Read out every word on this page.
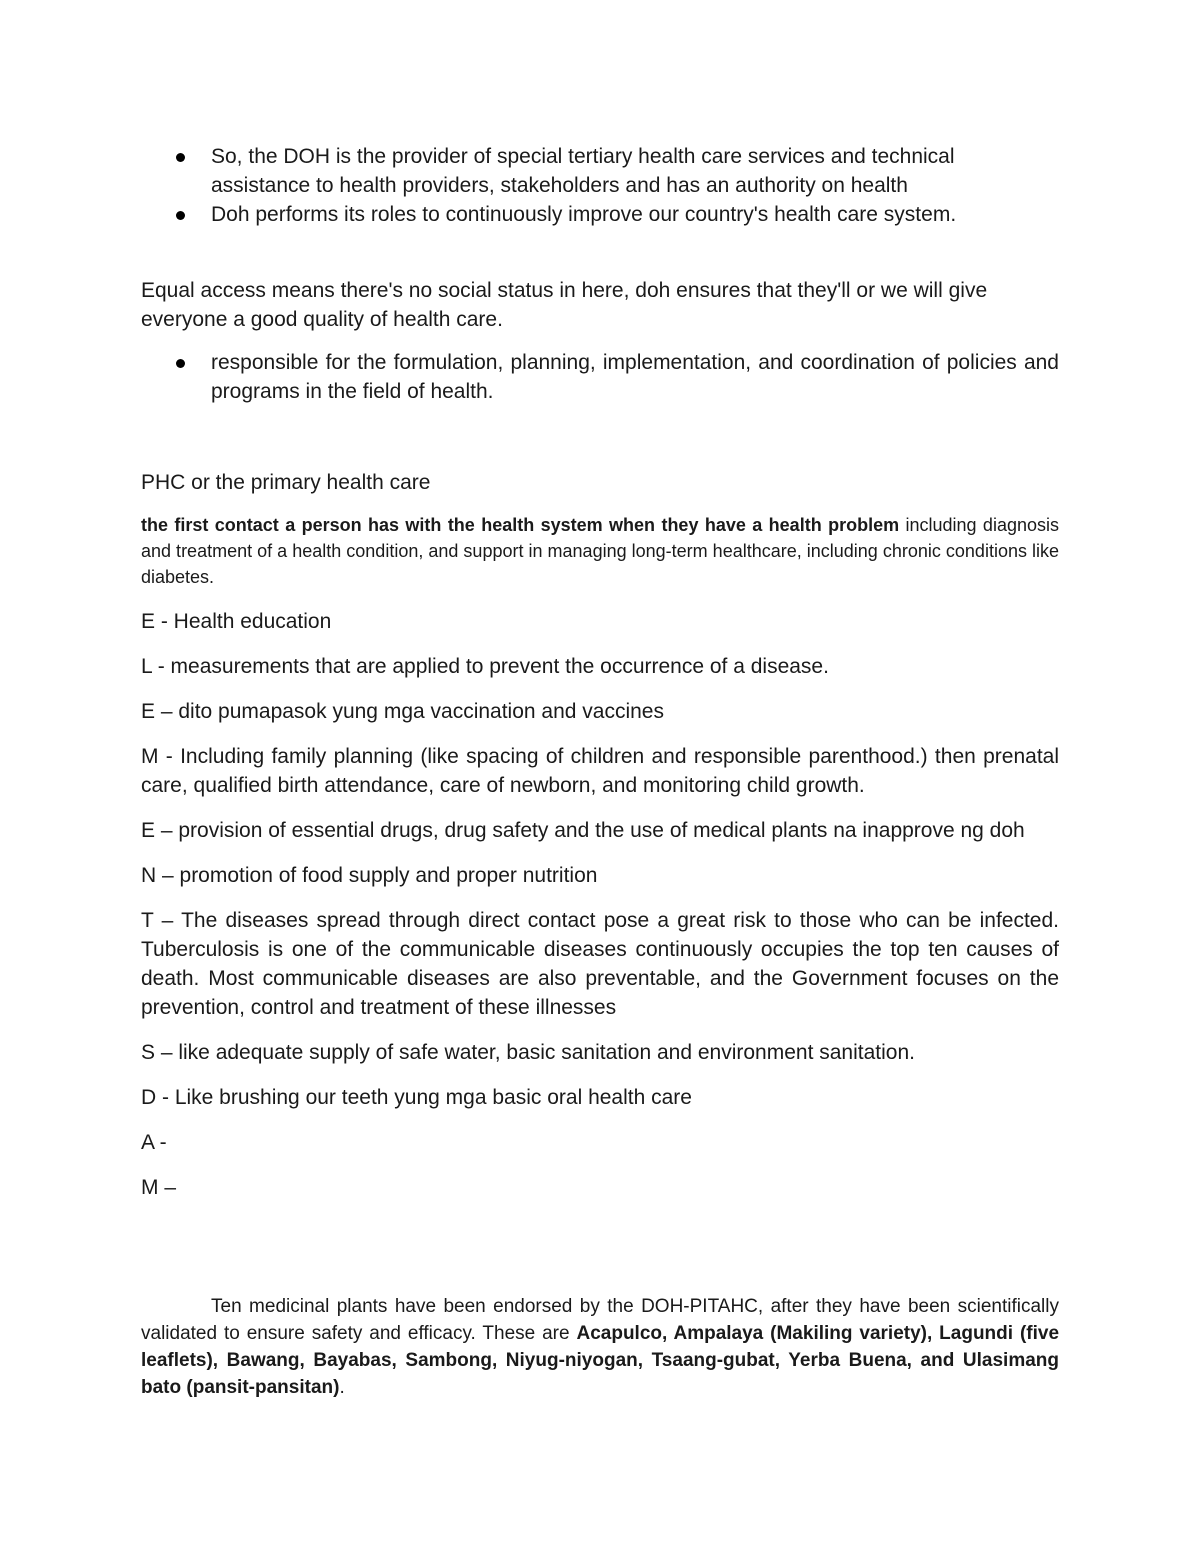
So, the DOH is the provider of special tertiary health care services and technical assistance to health providers, stakeholders and has an authority on health
Doh performs its roles to continuously improve our country's health care system.

Equal access means there's no social status in here, doh ensures that they'll or we will give everyone a good quality of health care.

responsible for the formulation, planning, implementation, and coordination of policies and programs in the field of health.

PHC or the primary health care

the first contact a person has with the health system when they have a health problem including diagnosis and treatment of a health condition, and support in managing long-term healthcare, including chronic conditions like diabetes.

E - Health education

L - measurements that are applied to prevent the occurrence of a disease.

E – dito pumapasok yung mga vaccination and vaccines

M - Including family planning (like spacing of children and responsible parenthood.) then prenatal care, qualified birth attendance, care of newborn, and monitoring child growth.

E – provision of essential drugs, drug safety and the use of medical plants na inapprove ng doh

N – promotion of food supply and proper nutrition

T – The diseases spread through direct contact pose a great risk to those who can be infected. Tuberculosis is one of the communicable diseases continuously occupies the top ten causes of death. Most communicable diseases are also preventable, and the Government focuses on the prevention, control and treatment of these illnesses

S – like adequate supply of safe water, basic sanitation and environment sanitation.

D - Like brushing our teeth yung mga basic oral health care

A -

M –

Ten medicinal plants have been endorsed by the DOH-PITAHC, after they have been scientifically validated to ensure safety and efficacy. These are Acapulco, Ampalaya (Makiling variety), Lagundi (five leaflets), Bawang, Bayabas, Sambong, Niyug-niyogan, Tsaang-gubat, Yerba Buena, and Ulasimang bato (pansit-pansitan).
